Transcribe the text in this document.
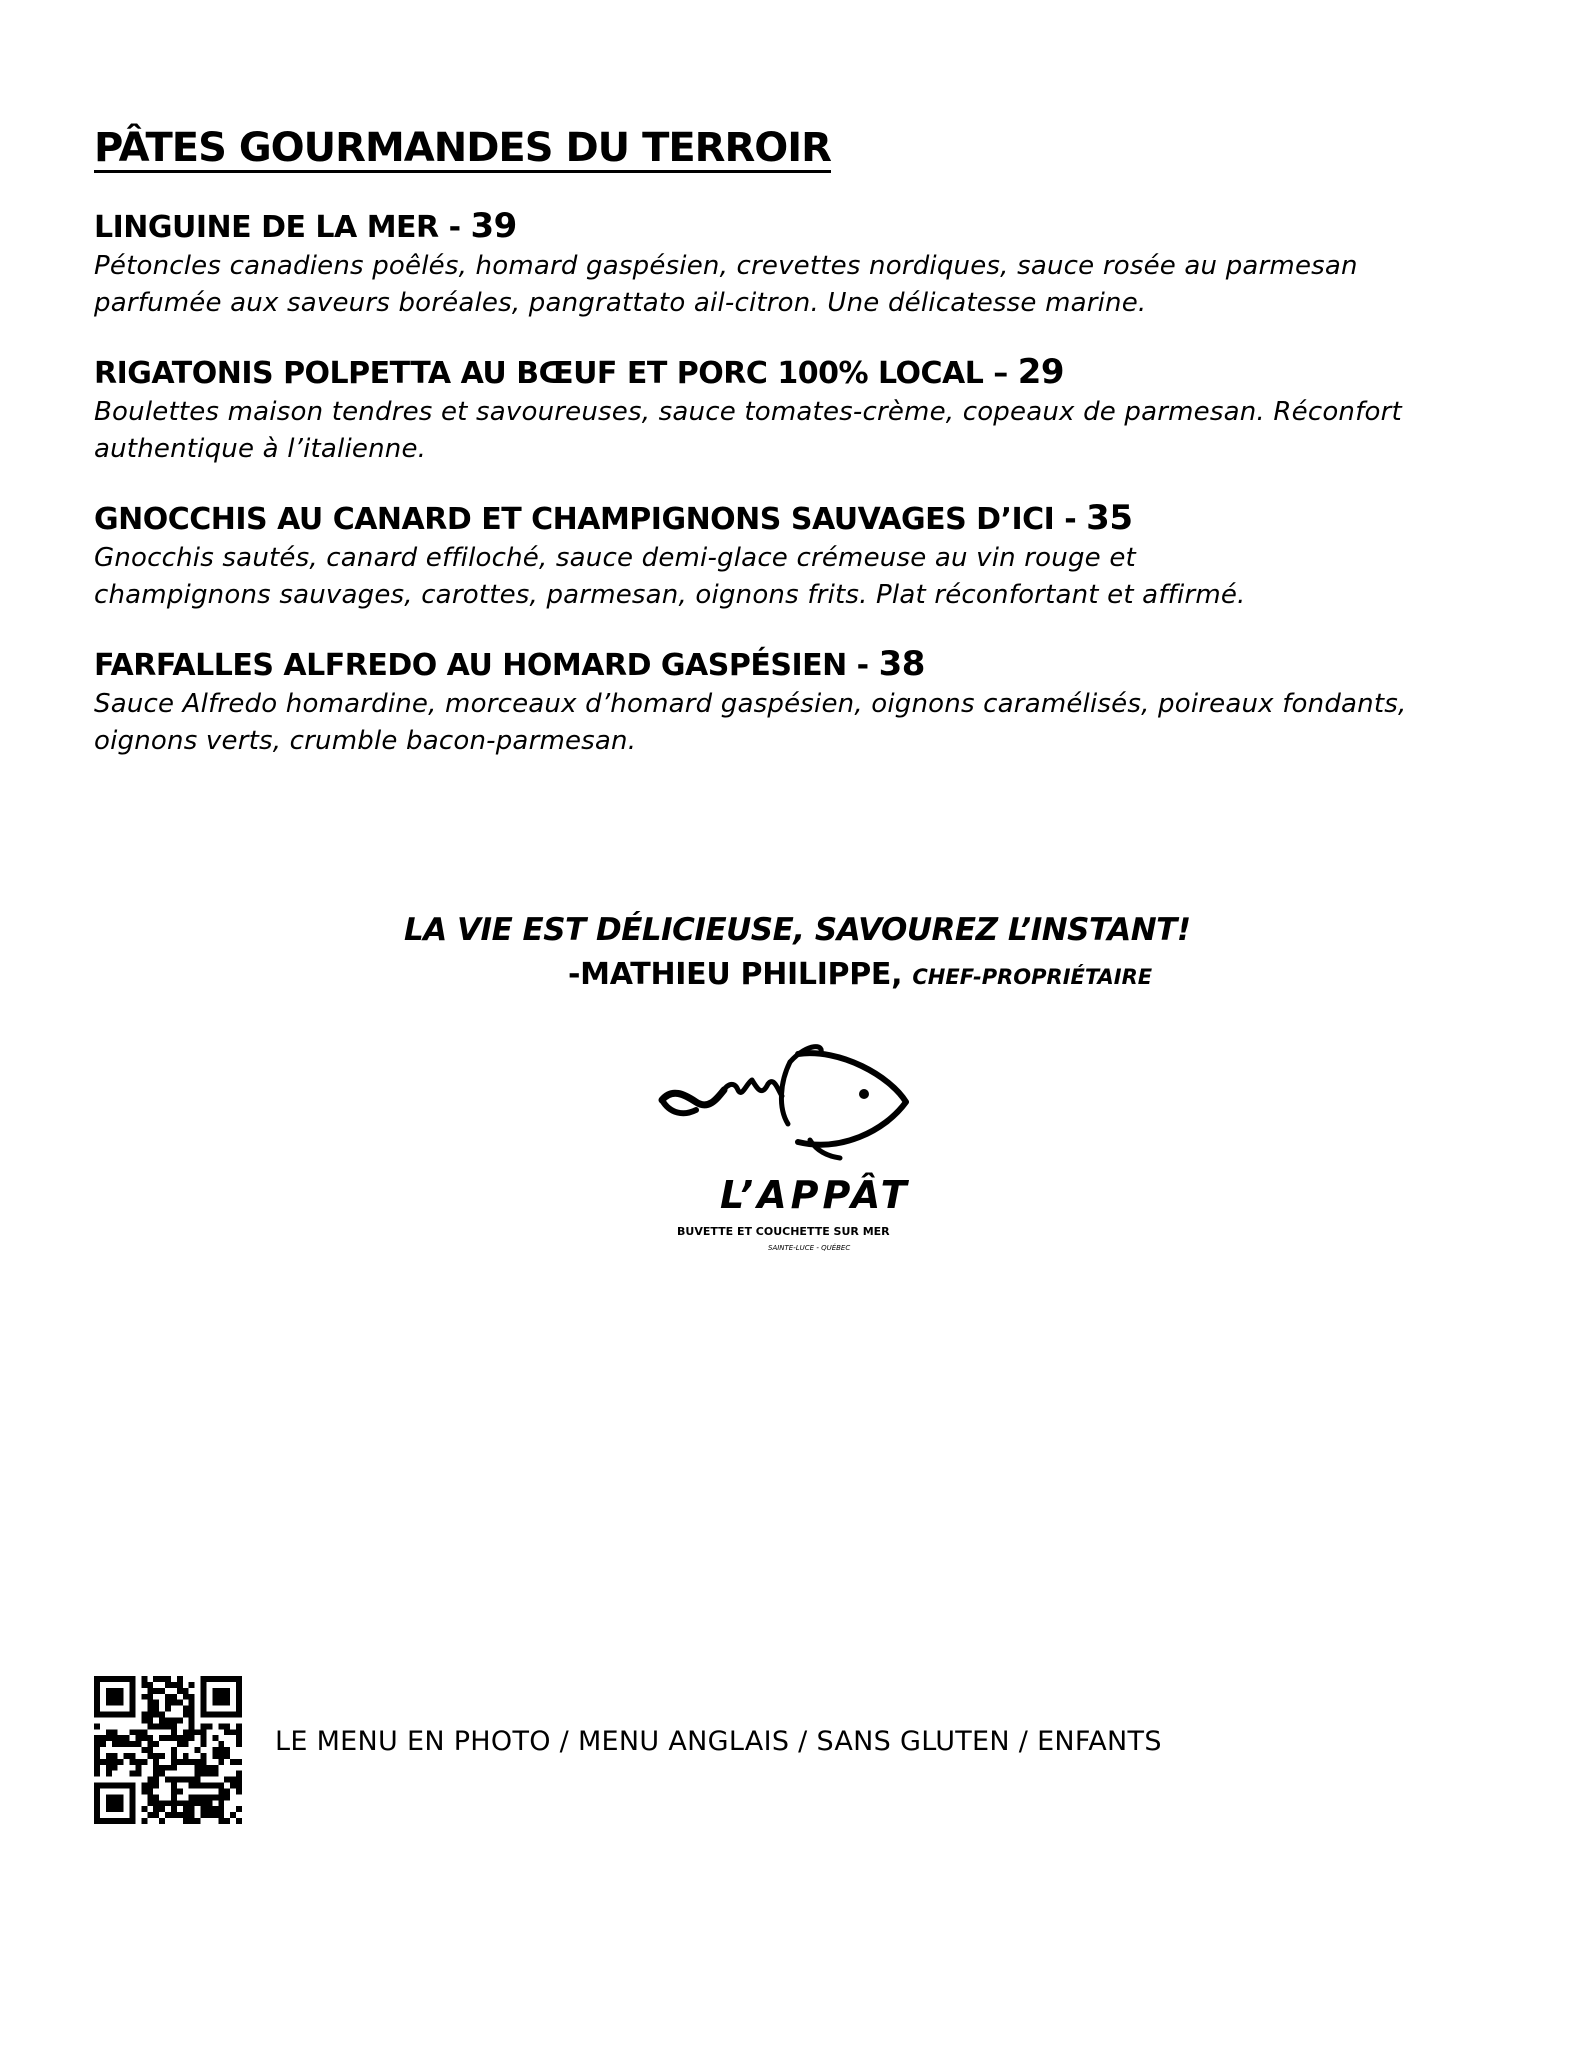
PÂTES GOURMANDES DU TERROIR
LINGUINE DE LA MER - 39
Pétoncles canadiens poêlés, homard gaspésien, crevettes nordiques, sauce rosée au parmesan
parfumée aux saveurs boréales, pangrattato ail-citron. Une délicatesse marine.
RIGATONIS POLPETTA AU BŒUF ET PORC 100% LOCAL – 29
Boulettes maison tendres et savoureuses, sauce tomates-crème, copeaux de parmesan. Réconfort
authentique à l’italienne.
GNOCCHIS AU CANARD ET CHAMPIGNONS SAUVAGES D’ICI - 35
Gnocchis sautés, canard effiloché, sauce demi-glace crémeuse au vin rouge et
champignons sauvages, carottes, parmesan, oignons frits. Plat réconfortant et affirmé.
FARFALLES ALFREDO AU HOMARD GASPÉSIEN - 38
Sauce Alfredo homardine, morceaux d’homard gaspésien, oignons caramélisés, poireaux fondants,
oignons verts, crumble bacon-parmesan.
LA VIE EST DÉLICIEUSE, SAVOUREZ L’INSTANT!
-MATHIEU PHILIPPE, CHEF-PROPRIÉTAIRE
L’APPÂT
BUVETTE ET COUCHETTE SUR MER
SAINTE-LUCE - QUÉBEC
LE MENU EN PHOTO / MENU ANGLAIS / SANS GLUTEN / ENFANTS
